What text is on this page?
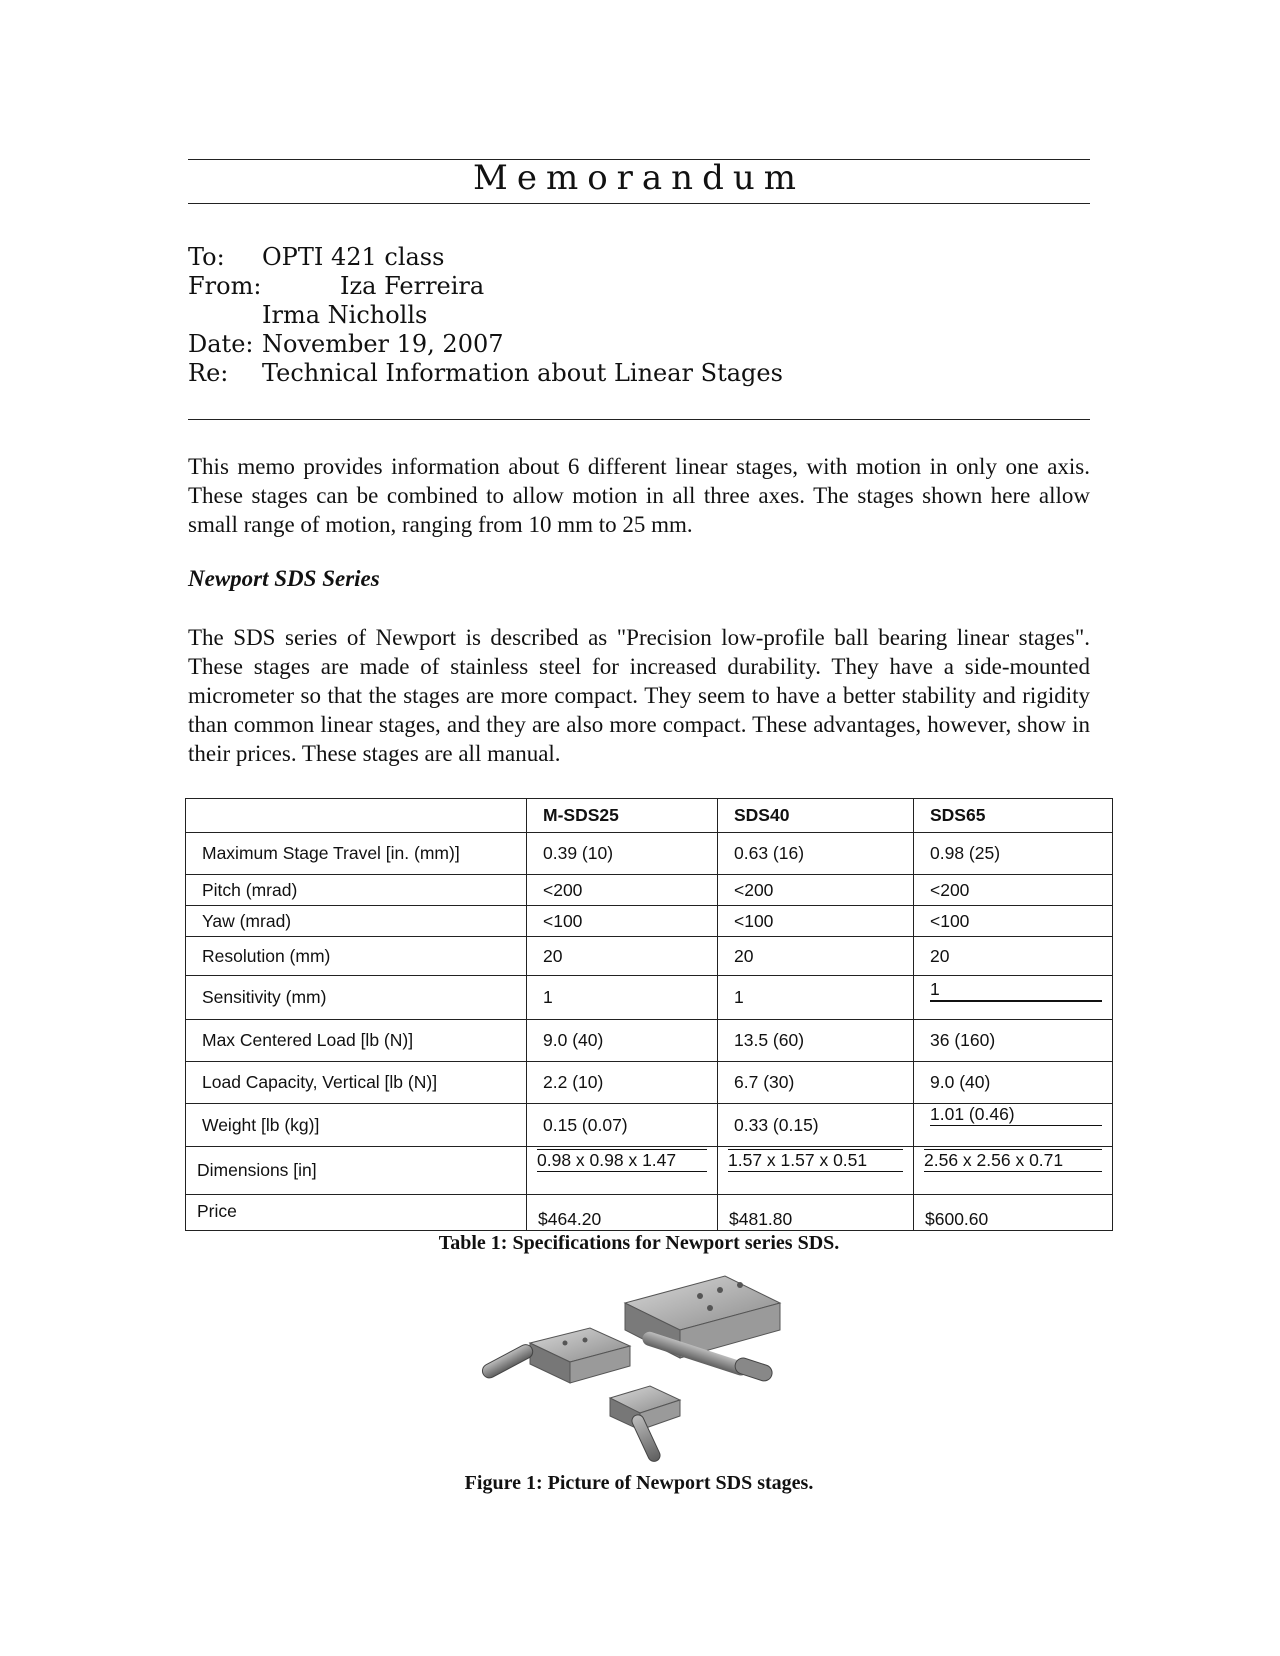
Memorandum
To: OPTI 421 class
From:	Iza Ferreira
Irma Nicholls
Date: November 19, 2007
Re: Technical Information about Linear Stages

This memo provides information about 6 different linear stages, with motion in only one axis. These stages can be combined to allow motion in all three axes. The stages shown here allow small range of motion, ranging from 10 mm to 25 mm.

Newport SDS Series

The SDS series of Newport is described as "Precision low-profile ball bearing linear stages". These stages are made of stainless steel for increased durability. They have a side-mounted micrometer so that the stages are more compact. They seem to have a better stability and rigidity than common linear stages, and they are also more compact. These advantages, however, show in their prices. These stages are all manual.

	M-SDS25	SDS40	SDS65
Maximum Stage Travel [in. (mm)]	0.39 (10)	0.63 (16)	0.98 (25)
Pitch (mrad)	<200	<200	<200
Yaw (mrad)	<100	<100	<100
Resolution (mm)	20	20	20
Sensitivity (mm)	1	1	1

Max Centered Load [lb (N)]	9.0 (40)	13.5 (60)	36 (160)
Load Capacity, Vertical [lb (N)]	2.2 (10)	6.7 (30)	9.0 (40)
Weight [lb (kg)]	0.15 (0.07)	0.33 (0.15)	1.01 (0.46)

Dimensions [in]	0.98 x 0.98 x 1.47	1.57 x 1.57 x 0.51	2.56 x 2.56 x 0.71

Price	$464.20	$481.80	$600.60
Table 1: Specifications for Newport series SDS.
Figure 1: Picture of Newport SDS stages.
